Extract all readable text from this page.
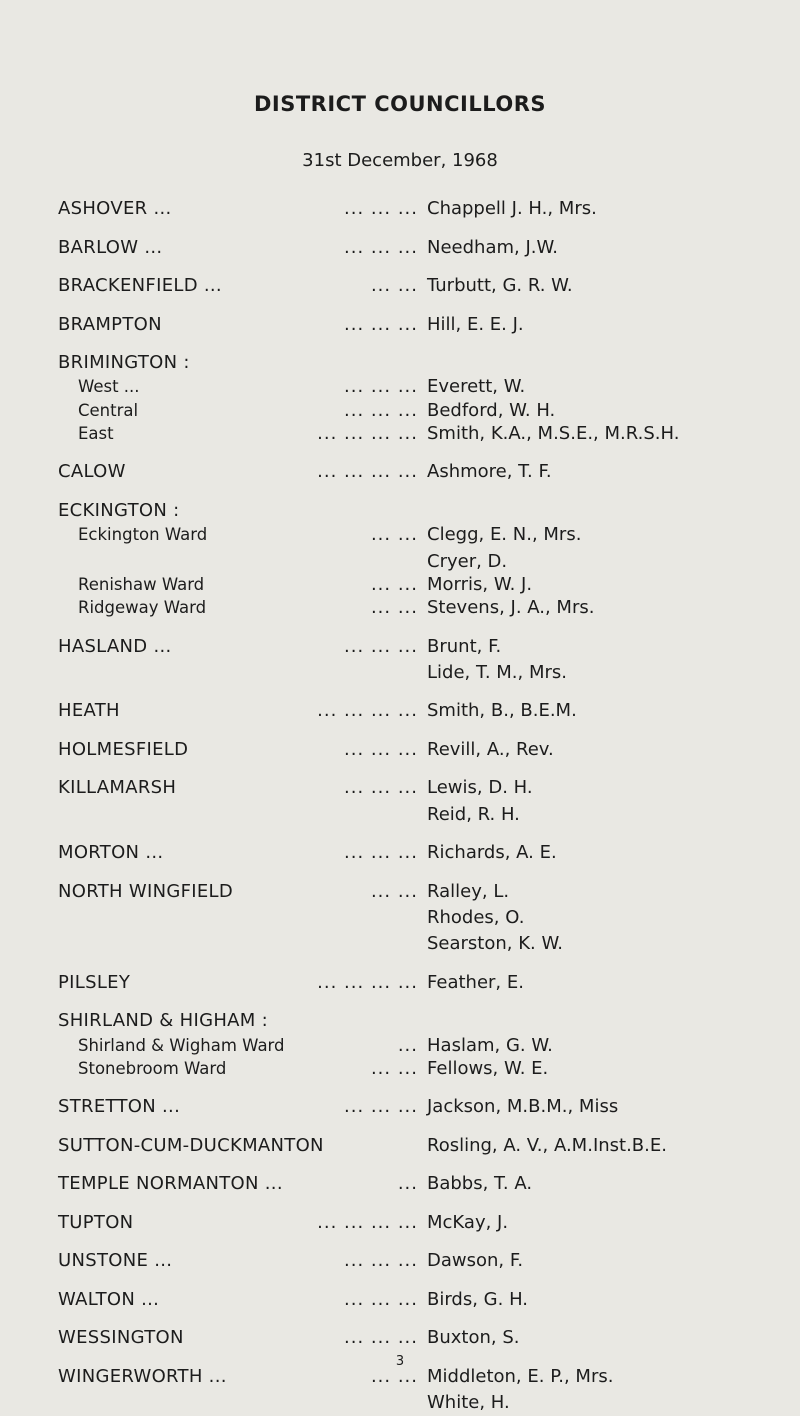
DISTRICT COUNCILLORS
31st December, 1968
ASHOVER ...	... ... ... Chappell J. H., Mrs.
BARLOW ...	... ... ... Needham, J.W.
BRACKENFIELD ...	... ... Turbutt, G. R. W.
BRAMPTON	... ... ... Hill, E. E. J.
BRIMINGTON :
West ...	... ... ... Everett, W.
Central	... ... ... Bedford, W. H.
East	... ... ... ... Smith, K.A., M.S.E., M.R.S.H.
CALOW	... ... ... ... Ashmore, T. F.
ECKINGTON :
Eckington Ward	... ... Clegg, E. N., Mrs.
Cryer, D.
Renishaw Ward	... ... Morris, W. J.
Ridgeway Ward	... ... Stevens, J. A., Mrs.
HASLAND ...	... ... ... Brunt, F.
Lide, T. M., Mrs.
HEATH	... ... ... ... Smith, B., B.E.M.
HOLMESFIELD	... ... ... Revill, A., Rev.
KILLAMARSH	... ... ... Lewis, D. H.
Reid, R. H.
MORTON ...	... ... ... Richards, A. E.
NORTH WINGFIELD	... ... Ralley, L.
Rhodes, O.
Searston, K. W.
PILSLEY	... ... ... ... Feather, E.
SHIRLAND & HIGHAM :
Shirland & Wigham Ward	... Haslam, G. W.
Stonebroom Ward	... ... Fellows, W. E.
STRETTON ...	... ... ... Jackson, M.B.M., Miss
SUTTON-CUM-DUCKMANTON	Rosling, A. V., A.M.Inst.B.E.
TEMPLE NORMANTON ...	... Babbs, T. A.
TUPTON	... ... ... ... McKay, J.
UNSTONE ...	... ... ... Dawson, F.
WALTON ...	... ... ... Birds, G. H.
WESSINGTON	... ... ... Buxton, S.
WINGERWORTH ...	... ... Middleton, E. P., Mrs.
White, H.
3
